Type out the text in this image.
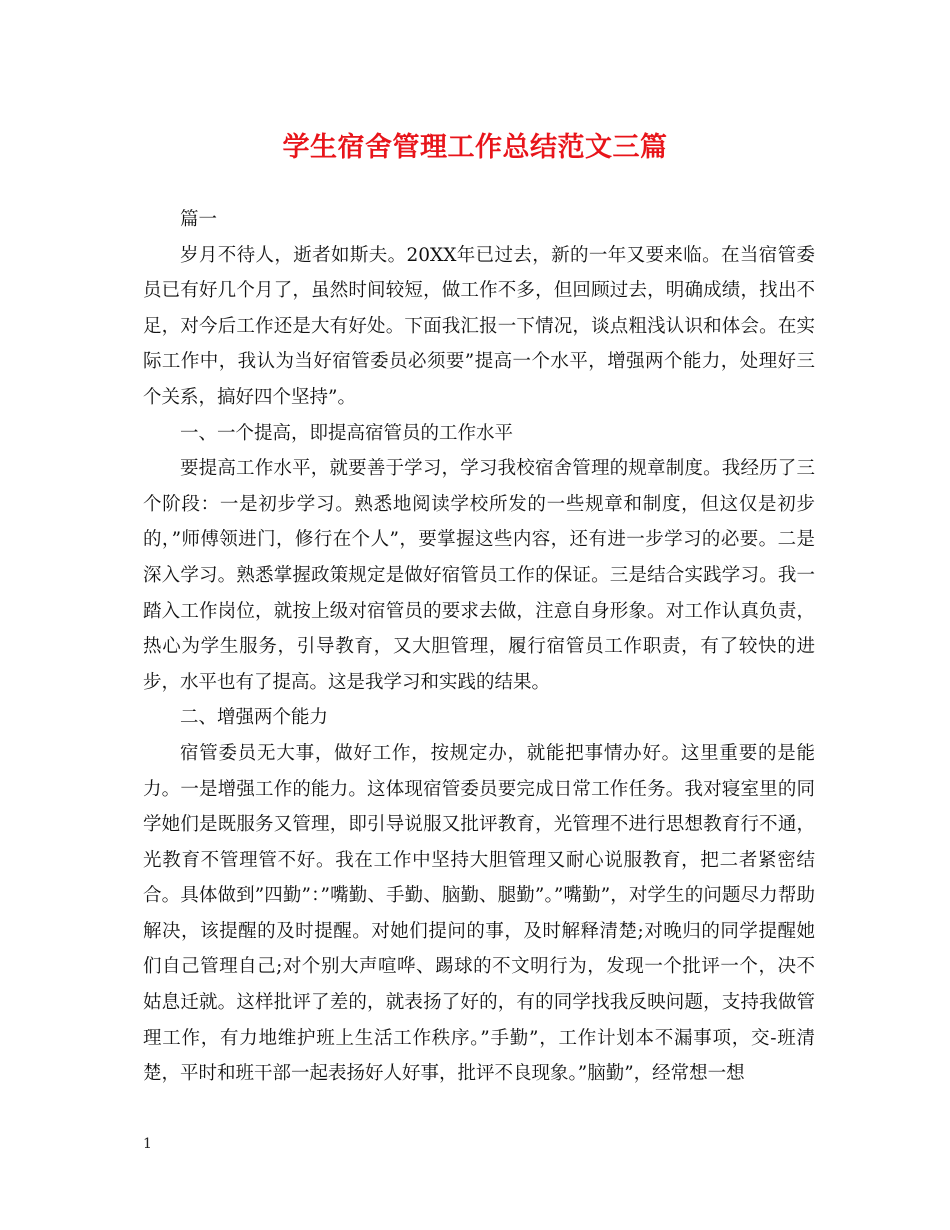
学生宿舍管理工作总结范文三篇

篇一

岁月不待人，逝者如斯夫。20XX年已过去，新的一年又要来临。在当宿管委员已有好几个月了，虽然时间较短，做工作不多，但回顾过去，明确成绩，找出不足，对今后工作还是大有好处。下面我汇报一下情况，谈点粗浅认识和体会。在实际工作中，我认为当好宿管委员必须要”提高一个水平，增强两个能力，处理好三个关系，搞好四个坚持”。

一、一个提高，即提高宿管员的工作水平

要提高工作水平，就要善于学习，学习我校宿舍管理的规章制度。我经历了三个阶段：一是初步学习。熟悉地阅读学校所发的一些规章和制度，但这仅是初步的，”师傅领进门，修行在个人”，要掌握这些内容，还有进一步学习的必要。二是深入学习。熟悉掌握政策规定是做好宿管员工作的保证。三是结合实践学习。我一踏入工作岗位，就按上级对宿管员的要求去做，注意自身形象。对工作认真负责，热心为学生服务，引导教育，又大胆管理，履行宿管员工作职责，有了较快的进步，水平也有了提高。这是我学习和实践的结果。

二、增强两个能力

宿管委员无大事，做好工作，按规定办，就能把事情办好。这里重要的是能力。一是增强工作的能力。这体现宿管委员要完成日常工作任务。我对寝室里的同学她们是既服务又管理，即引导说服又批评教育，光管理不进行思想教育行不通，光教育不管理管不好。我在工作中坚持大胆管理又耐心说服教育，把二者紧密结合。具体做到”四勤”：”嘴勤、手勤、脑勤、腿勤”。”嘴勤”，对学生的问题尽力帮助解决，该提醒的及时提醒。对她们提问的事，及时解释清楚;对晚归的同学提醒她们自己管理自己;对个别大声喧哗、踢球的不文明行为，发现一个批评一个，决不姑息迁就。这样批评了差的，就表扬了好的，有的同学找我反映问题，支持我做管理工作，有力地维护班上生活工作秩序。”手勤”，工作计划本不漏事项，交-班清楚，平时和班干部一起表扬好人好事，批评不良现象。”脑勤”，经常想一想

1
